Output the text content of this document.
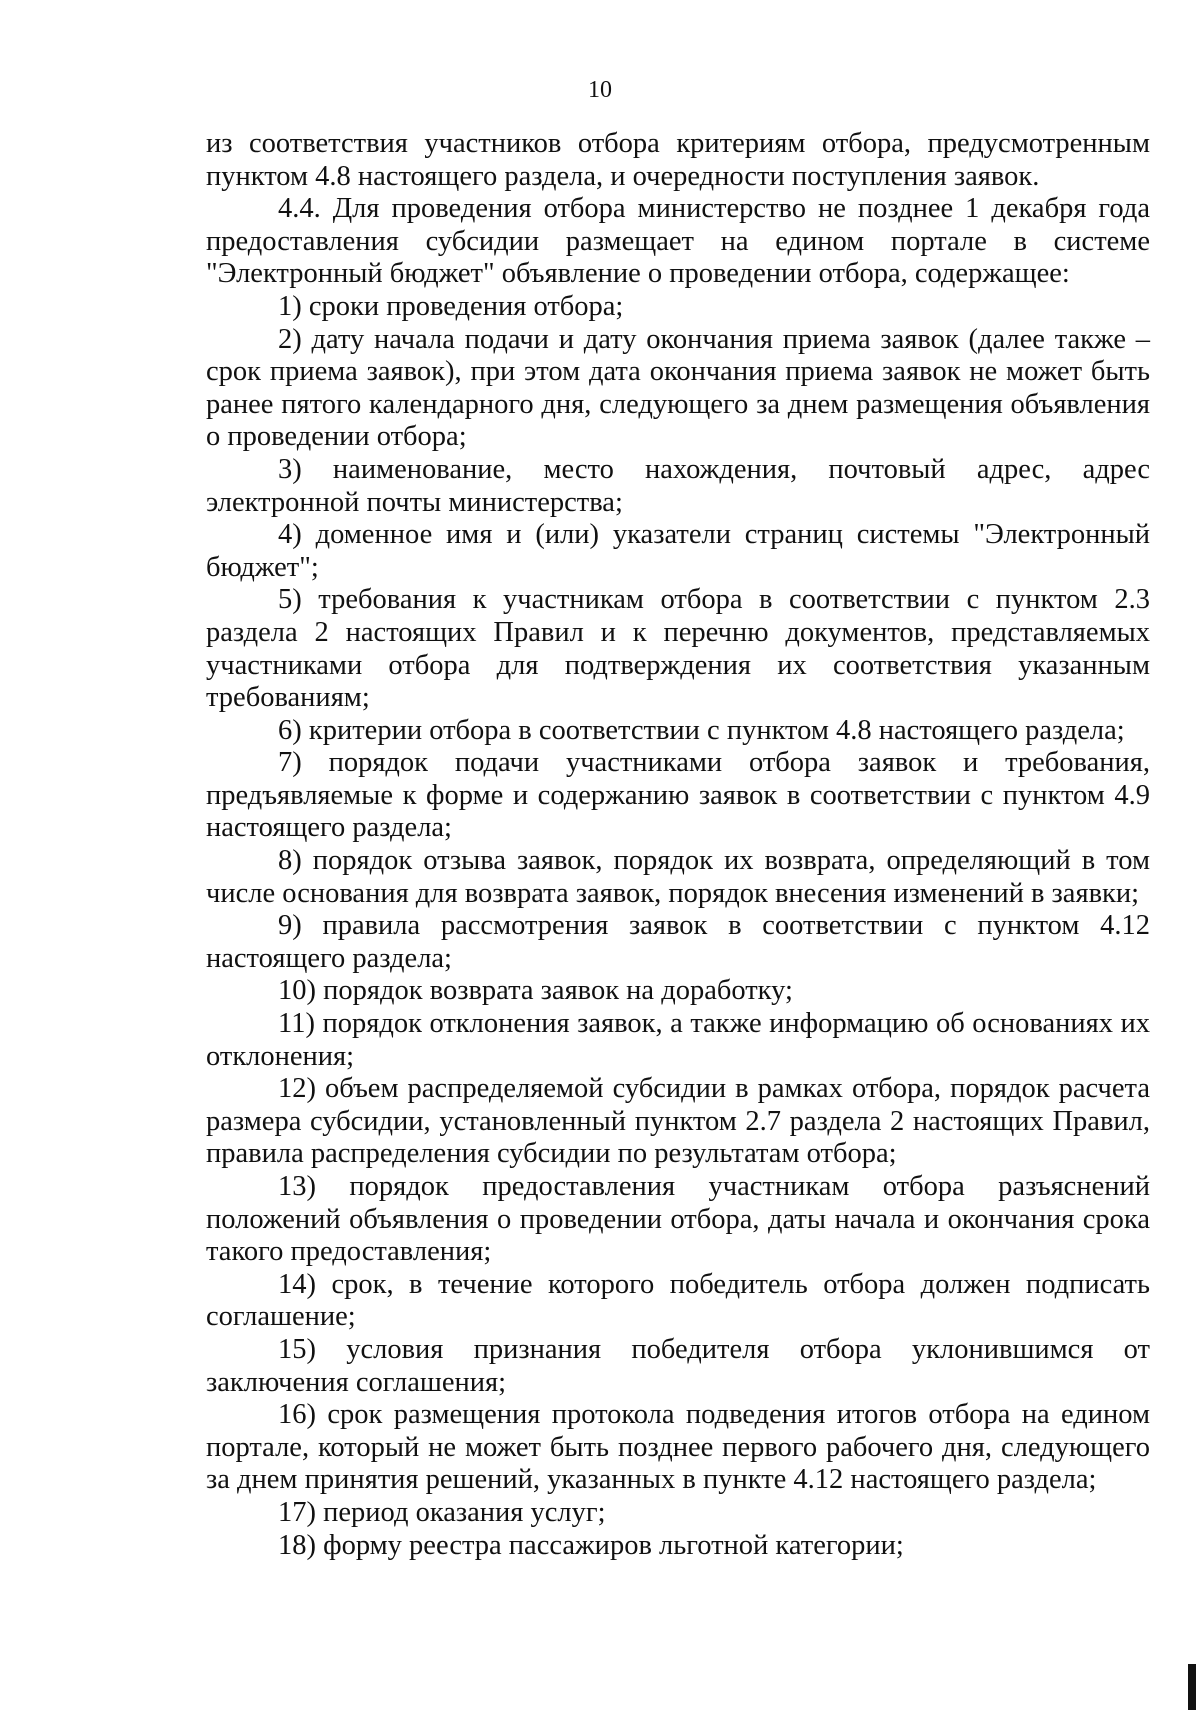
10

из соответствия участников отбора критериям отбора, предусмотренным пунктом 4.8 настоящего раздела, и очередности поступления заявок.

4.4. Для проведения отбора министерство не позднее 1 декабря года предоставления субсидии размещает на едином портале в системе "Электронный бюджет" объявление о проведении отбора, содержащее:

1) сроки проведения отбора;

2) дату начала подачи и дату окончания приема заявок (далее также – срок приема заявок), при этом дата окончания приема заявок не может быть ранее пятого календарного дня, следующего за днем размещения объявления о проведении отбора;

3) наименование, место нахождения, почтовый адрес, адрес электронной почты министерства;

4) доменное имя и (или) указатели страниц системы "Электронный бюджет";

5) требования к участникам отбора в соответствии с пунктом 2.3 раздела 2 настоящих Правил и к перечню документов, представляемых участниками отбора для подтверждения их соответствия указанным требованиям;

6) критерии отбора в соответствии с пунктом 4.8 настоящего раздела;

7) порядок подачи участниками отбора заявок и требования, предъявляемые к форме и содержанию заявок в соответствии с пунктом 4.9 настоящего раздела;

8) порядок отзыва заявок, порядок их возврата, определяющий в том числе основания для возврата заявок, порядок внесения изменений в заявки;

9) правила рассмотрения заявок в соответствии с пунктом 4.12 настоящего раздела;

10) порядок возврата заявок на доработку;

11) порядок отклонения заявок, а также информацию об основаниях их отклонения;

12) объем распределяемой субсидии в рамках отбора, порядок расчета размера субсидии, установленный пунктом 2.7 раздела 2 настоящих Правил, правила распределения субсидии по результатам отбора;

13) порядок предоставления участникам отбора разъяснений положений объявления о проведении отбора, даты начала и окончания срока такого предоставления;

14) срок, в течение которого победитель отбора должен подписать соглашение;

15) условия признания победителя отбора уклонившимся от заключения соглашения;

16) срок размещения протокола подведения итогов отбора на едином портале, который не может быть позднее первого рабочего дня, следующего за днем принятия решений, указанных в пункте 4.12 настоящего раздела;

17) период оказания услуг;

18) форму реестра пассажиров льготной категории;
